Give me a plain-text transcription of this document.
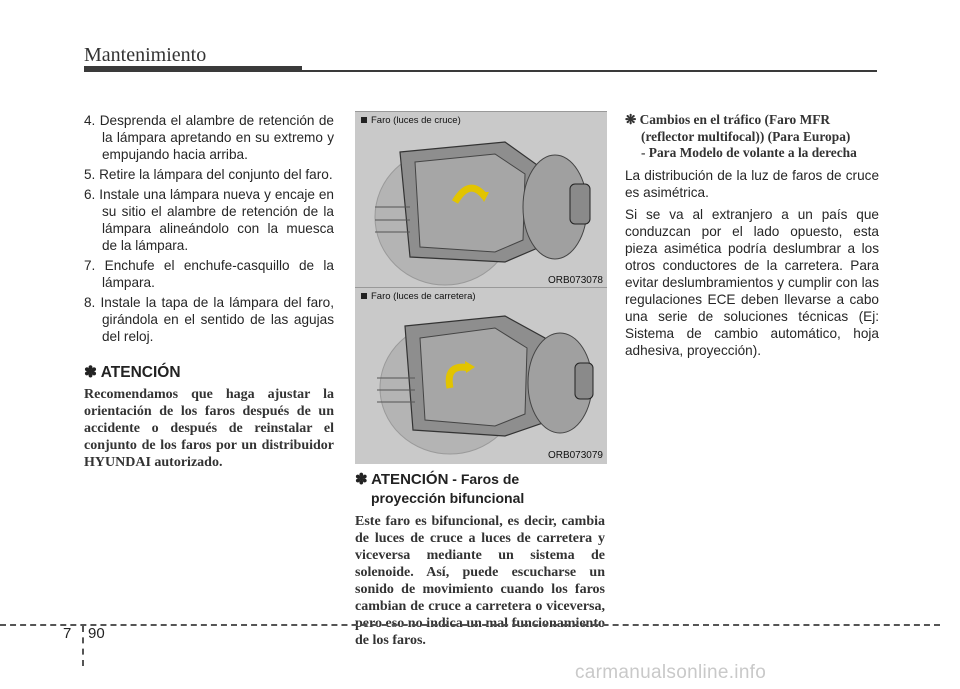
Mantenimiento

4. Desprenda el alambre de retención de la lámpara apretando en su extremo y empujando hacia arriba.

5. Retire la lámpara del conjunto del faro.

6. Instale una lámpara nueva y encaje en su sitio el alambre de retención de la lámpara alineándolo con la muesca de la lámpara.

7. Enchufe el enchufe-casquillo de la lámpara.

8. Instale la tapa de la lámpara del faro, girándola en el sentido de las agujas del reloj.

✽ ATENCIÓN

Recomendamos que haga ajustar la orientación de los faros después de un accidente o después de reinstalar el conjunto de los faros por un distribuidor HYUNDAI autorizado.

Faro (luces de cruce)
ORB073078
Faro (luces de carretera)
ORB073079
✽ ATENCIÓN - Faros de
proyección bifuncional

Este faro es bifuncional, es decir, cambia de luces de cruce a luces de carretera y viceversa mediante un sistema de solenoide. Así, puede escucharse un sonido de movimiento cuando los faros cambian de cruce a carretera o viceversa, pero eso no indica un mal funcionamiento de los faros.

❋ Cambios en el tráfico (Faro MFR
(reflector multifocal)) (Para Europa)
- Para Modelo de volante a la derecha

La distribución de la luz de faros de cruce es asimétrica.

Si se va al extranjero a un país que conduzcan por el lado opuesto, esta pieza asimética podría deslumbrar a los otros conductores de la carretera. Para evitar deslumbramientos y cumplir con las regulaciones ECE deben llevarse a cabo una serie de soluciones técnicas (Ej: Sistema de cambio automático, hoja adhesiva, proyección).

7 90
carmanualsonline.info
